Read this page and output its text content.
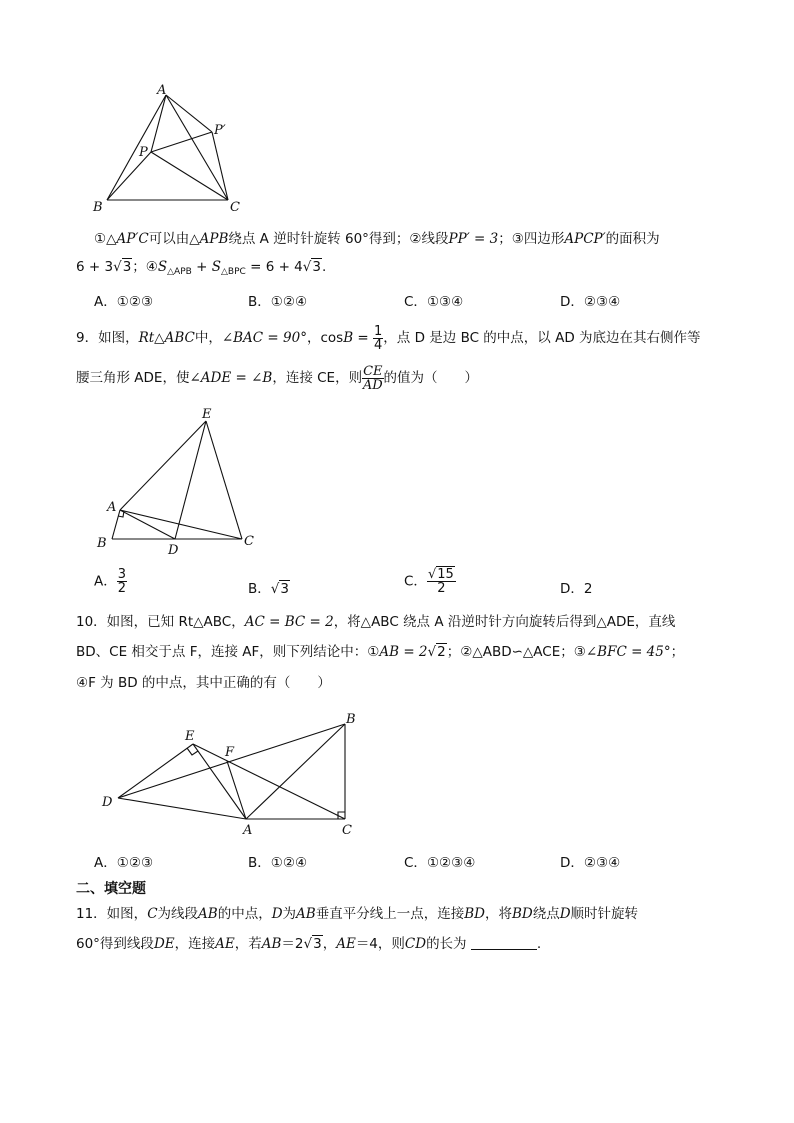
A
P
P′
B	C
①△AP′C可以由△APB绕点 A 逆时针旋转 60°得到；②线段PP′ = 3；③四边形APCP′的面积为
6 + 3√3；$④S_{\triangle APB} + S_{\triangle BPC} = 6 + 4√3$.
A．①②③	B．①②④	C．①③④	D．②③④
9．如图，Rt△ABC中，∠BAC = 90°，$\cos B = \frac{1}{4}$ ，点 D 是边 BC 的中点，以 AD 为底边在其右侧作等
腰三角形 ADE，使∠ADE = ∠B，连接 CE，则 $\frac{CE}{AD}$ 的值为（　　）
E
A
B	D
C
A． $\frac{3}{2}$	B．√3	C． $\frac{√15}{2}$	D．2
10．如图，已知 Rt△ABC，AC = BC = 2，将△ABC 绕点 A 沿逆时针方向旋转后得到△ADE，直线
BD、CE 相交于点 F，连接 AF，则下列结论中：①AB = 2√2；②△ABD∽△ACE；③∠BFC = 45°；
④F 为 BD 的中点，其中正确的有（　　）
E
F
B
D
A	C
A．①②③	B．①②④	C．①②③④	D．②③④
二、填空题
11．如图，C为线段AB的中点，D为AB垂直平分线上一点，连接BD，将BD绕点D顺时针旋转
60°得到线段DE，连接AE，若AB＝2√3，AE＝4，则CD的长为	.
